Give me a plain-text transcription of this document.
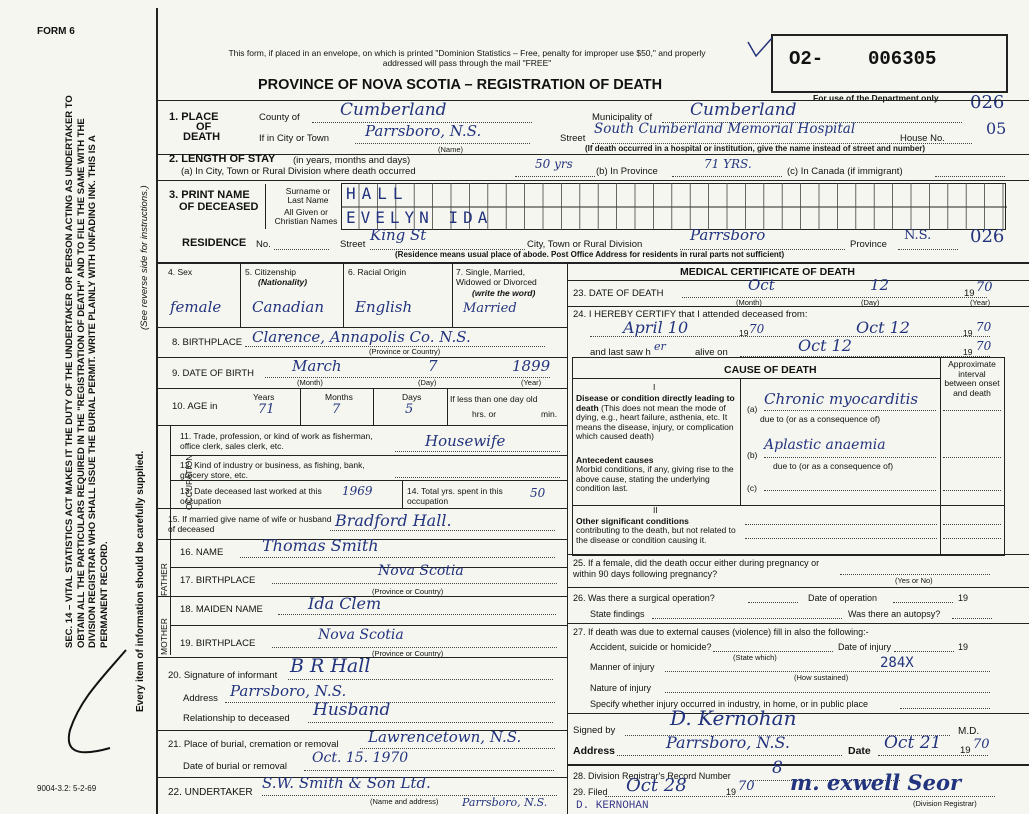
FORM 6
SEC. 14 – VITAL STATISTICS ACT MAKES IT THE DUTY OF THE UNDERTAKER OR PERSON ACTING AS UNDERTAKER TO OBTAIN ALL THE PARTICULARS REQUIRED IN THE "REGISTRATION OF DEATH" AND TO FILE THE SAME WITH THE DIVISION REGISTRAR WHO SHALL ISSUE THE BURIAL PERMIT. WRITE PLAINLY WITH UNFADING INK. THIS IS A PERMANENT RECORD.	Every item of information should be carefully supplied.
(See reverse side for instructions.)
9004-3.2: 5-2-69
This form, if placed in an envelope, on which is printed "Dominion Statistics – Free, penalty for improper use $50," and properly addressed will pass through the mail "FREE"
PROVINCE OF NOVA SCOTIA – REGISTRATION OF DEATH
O2- 006305
For use of the Department only 026
05
1. PLACE
OF
DEATH
County of Cumberland	Municipality of Cumberland
If in City or Town Parrsboro, N.S.
(Name)
Street
South Cumberland Memorial Hospital
House No.
(If death occurred in a hospital or institution, give the name instead of street and number)
2. LENGTH OF STAY (in years, months and days)
(a) In City, Town or Rural Division where death occurred
50 yrs
(b) In Province
71 YRS.
(c) In Canada (if immigrant)
3. PRINT NAME
OF DECEASED
Surname or Last Name
All Given or Christian Names
HALL
EVELYN IDA
RESIDENCE No.	Street
King St
City, Town or Rural Division
Parrsboro
Province
N.S. 026
(Residence means usual place of abode. Post Office Address for residents in rural parts not sufficient)
4. Sex
female
5. Citizenship
(Nationality)
Canadian
6. Racial Origin
English
7. Single, Married, Widowed or Divorced
(write the word)
Married
8. BIRTHPLACE Clarence, Annapolis Co. N.S.
(Province or Country)
9. DATE OF BIRTH	March	7	1899
(Month)	(Day)	(Year)
10. AGE in
Years	Months	Days
71	7	5
If less than one day old
hrs. or	min.
OCCUPATION
11. Trade, profession, or kind of work as fisherman, office clerk, sales clerk, etc.	Housewife
12. Kind of industry or business, as fishing, bank, grocery store, etc.
13. Date deceased last worked at this occupation
1969	14. Total yrs. spent in this occupation
50
15. If married give name of wife or husband of deceased	Bradford Hall.
FATHER
16. NAME Thomas Smith
17. BIRTHPLACE
Nova Scotia
(Province or Country)
MOTHER
18. MAIDEN NAME	Ida Clem
19. BIRTHPLACE
Nova Scotia
(Province or Country)
20. Signature of informant B R Hall
Address Parrsboro, N.S.
Relationship to deceased Husband
21. Place of burial, cremation or removal Lawrencetown, N.S.
Date of burial or removal
Oct. 15. 1970
22. UNDERTAKER
S.W. Smith & Son Ltd.
Parrsboro, N.S.
(Name and address)	D. KERNOHAN
MEDICAL CERTIFICATE OF DEATH
23. DATE OF DEATH	Oct	12	19 70
(Month)	(Day)	(Year)
24. I HEREBY CERTIFY that I attended deceased from:
April 10	19 70	Oct 12	19 70
and last saw h er	alive on	Oct 12	19 70
CAUSE OF DEATH	Approximate interval between onset and death
I
Disease or condition directly leading to death (This does not mean the mode of dying, e.g., heart failure, asthenia, etc. It means the disease, injury, or complication which caused death)
Antecedent causes
Morbid conditions, if any, giving rise to the above cause, stating the underlying condition last.
(a)
Chronic myocarditis
due to (or as a consequence of)
(b)
Aplastic anaemia
due to (or as a consequence of)
(c)
II
Other significant conditions
contributing to the death, but not related to the disease or condition causing it.
25. If a female, did the death occur either during pregnancy or within 90 days following pregnancy?
(Yes or No)
26. Was there a surgical operation?	Date of operation	19
State findings	Was there an autopsy?
27. If death was due to external causes (violence) fill in also the following:-
Accident, suicide or homicide?
(State which)
Date of injury	19
Manner of injury
(How sustained)
284X
Nature of injury
Specify whether injury occurred in industry, in home, or in public place
Signed by
D. Kernohan
M.D.
Address	Parrsboro, N.S.	Date Oct 21 19 70
28. Division Registrar's Record Number 8
29. Filed Oct 28	19 70 m. exwell Seor
(Division Registrar)
